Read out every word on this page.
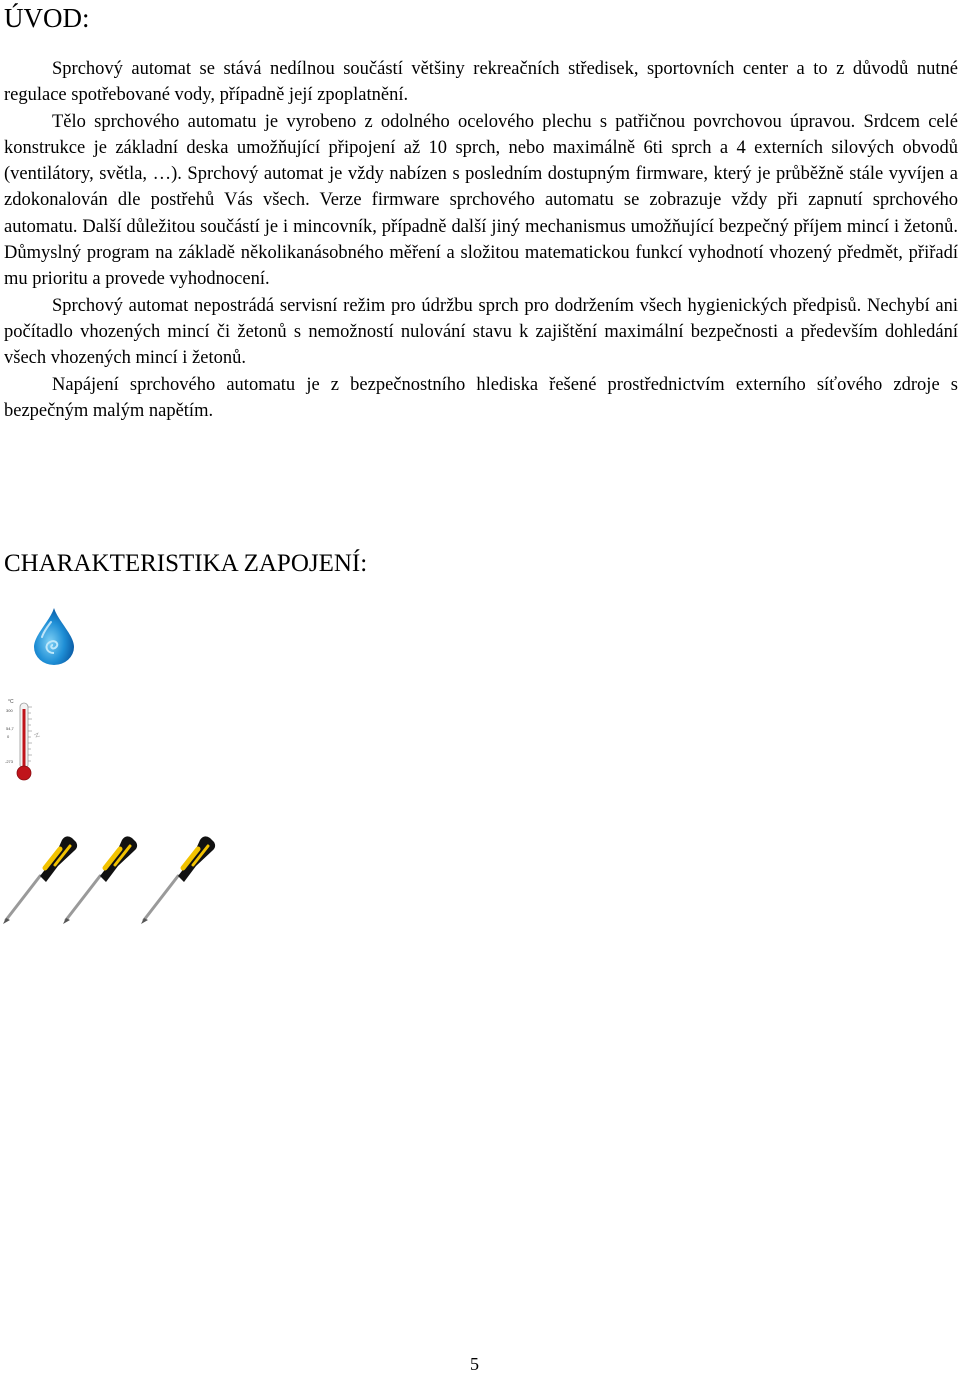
ÚVOD:

Sprchový automat se stává nedílnou součástí většiny rekreačních středisek, sportovních center a to z důvodů nutné regulace spotřebované vody, případně její zpoplatnění.

Tělo sprchového automatu je vyrobeno z odolného ocelového plechu s patřičnou povrchovou úpravou. Srdcem celé konstrukce je základní deska umožňující připojení až 10 sprch, nebo maximálně 6ti sprch a 4 externích silových obvodů (ventilátory, světla, …). Sprchový automat je vždy nabízen s posledním dostupným firmware, který je průběžně stále vyvíjen a zdokonalován dle postřehů Vás všech. Verze firmware sprchového automatu se zobrazuje vždy při zapnutí sprchového automatu. Další důležitou součástí je i mincovník, případně další jiný mechanismus umožňující bezpečný příjem mincí i žetonů. Důmyslný program na základě několikanásobného měření a složitou matematickou funkcí vyhodnotí vhozený předmět, přiřadí mu prioritu a provede vyhodnocení.

Sprchový automat nepostrádá servisní režim pro údržbu sprch pro dodržením všech hygienických předpisů. Nechybí ani počítadlo vhozených mincí či žetonů s nemožností nulování stavu k zajištění maximální bezpečnosti a především dohledání všech vhozených mincí i žetonů.

Napájení sprchového automatu je z bezpečnostního hlediska řešené prostřednictvím externího síťového zdroje s bezpečným malým napětím.

CHARAKTERISTIKA ZAPOJENÍ:
°C
300
54,7
0
-273
5
